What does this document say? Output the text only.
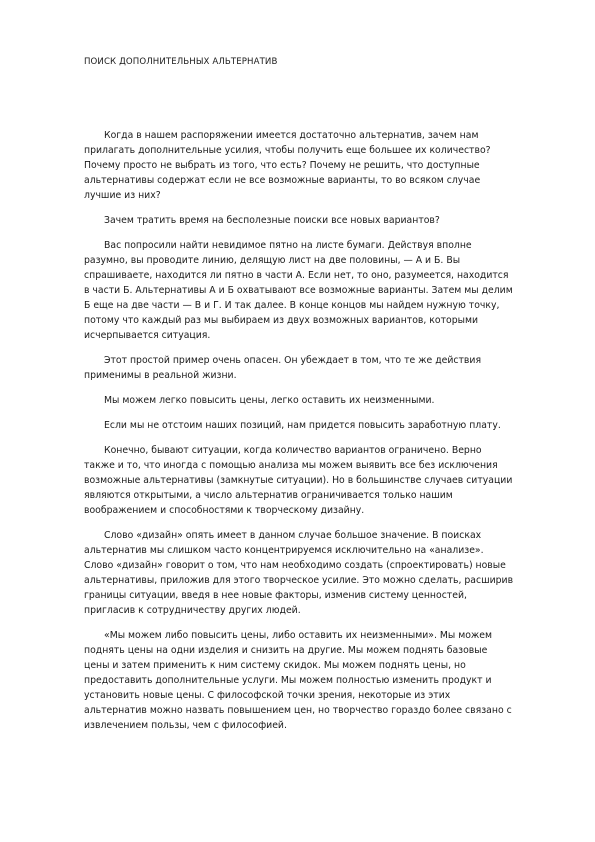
ПОИСК ДОПОЛНИТЕЛЬНЫХ АЛЬТЕРНАТИВ

Когда в нашем распоряжении имеется достаточно альтернатив, зачем нам прилагать дополнительные усилия, чтобы получить еще большее их количество? Почему просто не выбрать из того, что есть? Почему не решить, что доступные альтернативы содержат если не все возможные варианты, то во всяком случае лучшие из них?

Зачем тратить время на бесполезные поиски все новых вариантов?

Вас попросили найти невидимое пятно на листе бумаги. Действуя вполне разумно, вы проводите линию, делящую лист на две половины, — А и Б. Вы спрашиваете, находится ли пятно в части А. Если нет, то оно, разумеется, находится в части Б. Альтернативы А и Б охватывают все возможные варианты. Затем мы делим Б еще на две части — В и Г. И так далее. В конце концов мы найдем нужную точку, потому что каждый раз мы выбираем из двух возможных вариантов, которыми исчерпывается ситуация.

Этот простой пример очень опасен. Он убеждает в том, что те же действия применимы в реальной жизни.

Мы можем легко повысить цены, легко оставить их неизменными.

Если мы не отстоим наших позиций, нам придется повысить заработную плату.

Конечно, бывают ситуации, когда количество вариантов ограничено. Верно также и то, что иногда с помощью анализа мы можем выявить все без исключения возможные альтернативы (замкнутые ситуации). Но в большинстве случаев ситуации являются открытыми, а число альтернатив ограничивается только нашим воображением и способностями к творческому дизайну.

Слово «дизайн» опять имеет в данном случае большое значение. В поисках альтернатив мы слишком часто концентрируемся исключительно на «анализе». Слово «дизайн» говорит о том, что нам необходимо создать (спроектировать) новые альтернативы, приложив для этого творческое усилие. Это можно сделать, расширив границы ситуации, введя в нее новые факторы, изменив систему ценностей, пригласив к сотрудничеству других людей.

«Мы можем либо повысить цены, либо оставить их неизменными». Мы можем поднять цены на одни изделия и снизить на другие. Мы можем поднять базовые цены и затем применить к ним систему скидок. Мы можем поднять цены, но предоставить дополнительные услуги. Мы можем полностью изменить продукт и установить новые цены. С философской точки зрения, некоторые из этих альтернатив можно назвать повышением цен, но творчество гораздо более связано с извлечением пользы, чем с философией.
